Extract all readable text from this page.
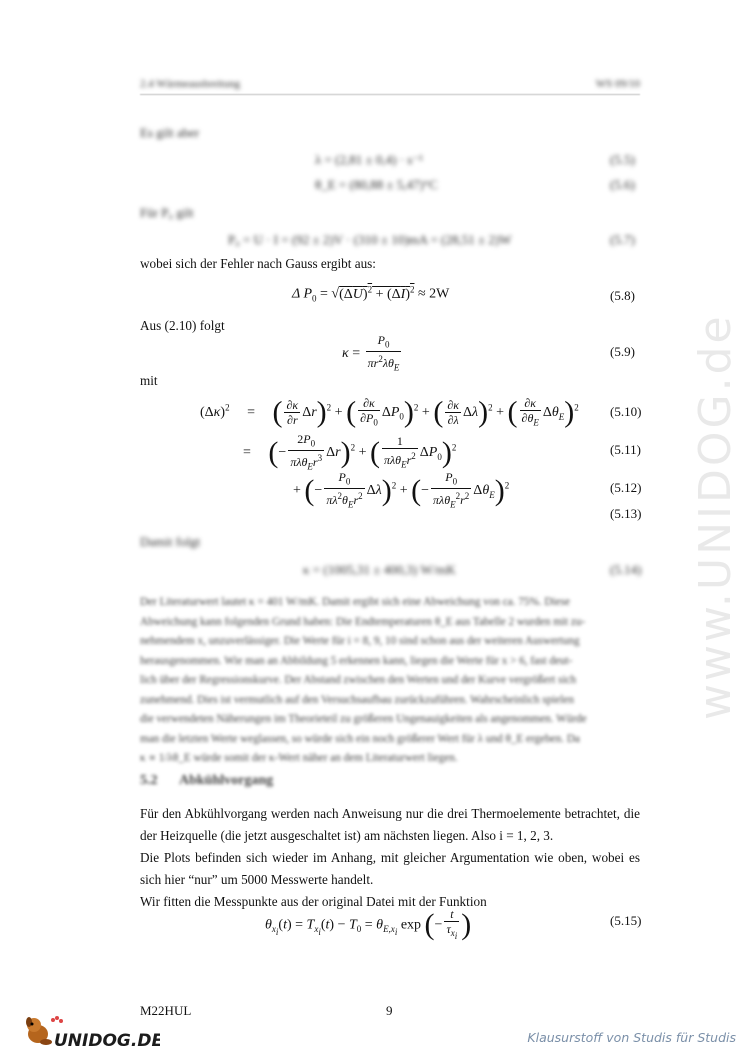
2.4 Wärmeausbreitung	WS 09/10
Es gilt aber
λ = (2,81 ± 0,4) · s⁻¹	(5.5)
θ_E = (80,88 ± 5,47)°C	(5.6)
Für P₀ gilt
P₀ = U · I = (92 ± 2)V · (310 ± 10)mA = (28,51 ± 2)W	(5.7)
wobei sich der Fehler nach Gauss ergibt aus:
Δ $P_0 = √(\Delta U)^2 + (\Delta I)^2 \approx 2W$	(5.8)
Aus (2.10) folgt
$\kappa = \frac{P_0}{\pi r^2\lambda\theta_E}$	(5.9)
mit
$(\Delta\kappa)^2$ = ( $\frac{\partial\kappa}{\partial r} \Delta r)^2$ + ( $\frac{\partial\kappa}{\partial P_0} \Delta P_0)^2$ + ( $\frac{\partial\kappa}{\partial\lambda} \Delta\lambda)^2$ + ( $\frac{\partial\kappa}{\partial\theta_E} \Delta\theta_E)^2$ (5.10)
= (− $\frac{2P_0}{\pi\lambda\theta_Er^3} \Delta r)^2$ + ( $\frac{1}{\pi\lambda\theta_Er^2} \Delta P_0)^2$	(5.11)
+ (− $\frac{P_0}{\pi\lambda^2\theta_Er^2} \Delta\lambda)^2$ + (− $\frac{P_0}{\pi\lambda\theta_E^2r^2} \Delta\theta_E)^2$	(5.12)
(5.13)
Damit folgt
κ = (1005,31 ± 400,3) W/mK	(5.14)
Der Literaturwert lautet κ = 401 W/mK. Damit ergibt sich eine Abweichung von ca. 75%. Diese
Abweichung kann folgenden Grund haben: Die Endtemperaturen θ_E aus Tabelle 2 wurden mit zu-
nehmendem x, unzuverlässiger. Die Werte für i = 8, 9, 10 sind schon aus der weiteren Auswertung
herausgenommen. Wie man an Abbildung 5 erkennen kann, liegen die Werte für x > 6, fast deut-
lich über der Regressionskurve. Der Abstand zwischen den Werten und der Kurve vergrößert sich
zunehmend. Dies ist vermutlich auf den Versuchsaufbau zurückzuführen. Wahrscheinlich spielen
die verwendeten Näherungen im Theorieteil zu größeren Ungenauigkeiten als angenommen. Würde
man die letzten Werte weglassen, so würde sich ein noch größerer Wert für λ und θ_E ergeben. Da
κ ∝ 1/λθ_E würde somit der κ-Wert näher an dem Literaturwert liegen.
5.2 Abkühlvorgang
Für den Abkühlvorgang werden nach Anweisung nur die drei Thermoelemente betrachtet, die der Heizquelle (die jetzt ausgeschaltet ist) am nächsten liegen. Also i = 1, 2, 3.
Die Plots befinden sich wieder im Anhang, mit gleicher Argumentation wie oben, wobei es sich hier “nur” um 5000 Messwerte handelt.
Wir fitten die Messpunkte aus der original Datei mit der Funktion
$\theta_{x_i}(t) = T_{x_i}(t) - T_0 = \theta_{E,x_i}$ exp (− $\frac{t}{\tau_{x_i}}$ )	(5.15)
www.UNIDOG.de
M22HUL	9
UNIDOG.DE	Klausurstoff von Studis für Studis
